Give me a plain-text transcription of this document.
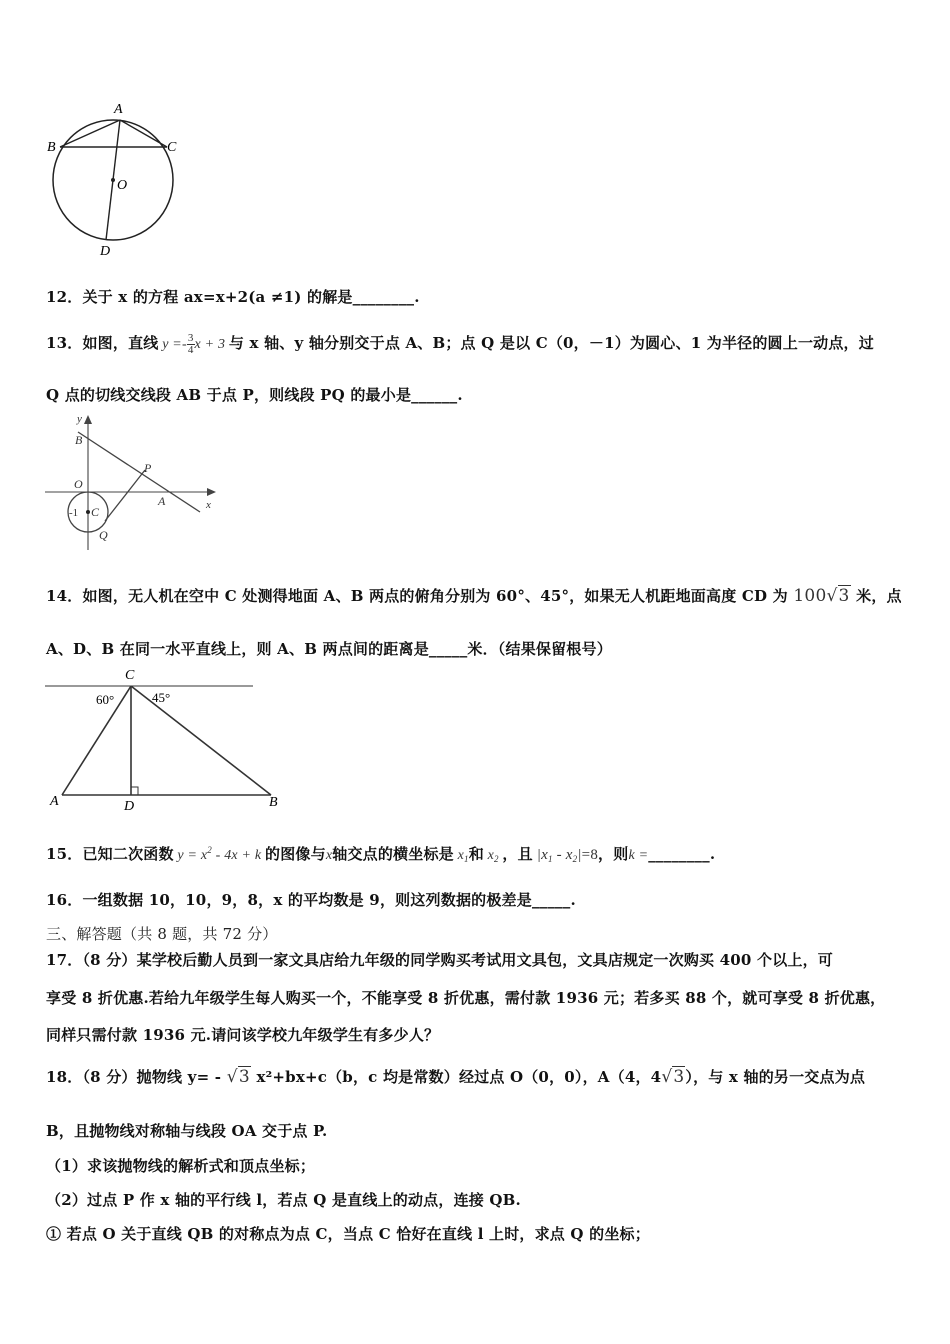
A
B	C
O
D
12．关于 x 的方程 ax=x+2(a ≠1) 的解是________.
13．如图，直线 $y =- \frac{3}{4}$ x + 3 与 x 轴、y 轴分别交于点 A、B；点 Q 是以 C（0，－1）为圆心、1 为半径的圆上一动点，过
Q 点的切线交线段 AB 于点 P，则线段 PQ 的最小是______.
y
B
P
O
A	x
-1 C
Q
14．如图，无人机在空中 C 处测得地面 A、B 两点的俯角分别为 60°、45°，如果无人机距地面高度 CD 为 100√3 米，点
A、D、B 在同一水平直线上，则 A、B 两点间的距离是_____米．（结果保留根号）
C
60°	45°
A	D	B
15．已知二次函数 $y = x^2 - 4x + k$ 的图像与x轴交点的横坐标是 $x_1$和 $x_2$ ，且 $|x_1 - x_2|=8$，则k =________.
16．一组数据 10，10，9，8，x 的平均数是 9，则这列数据的极差是_____.
三、解答题（共 8 题，共 72 分）
17．（8 分）某学校后勤人员到一家文具店给九年级的同学购买考试用文具包，文具店规定一次购买 400 个以上，可
享受 8 折优惠.若给九年级学生每人购买一个，不能享受 8 折优惠，需付款 1936 元；若多买 88 个，就可享受 8 折优惠，
同样只需付款 1936 元.请问该学校九年级学生有多少人？
18．（8 分）抛物线 y= - √3 x²+bx+c（b，c 均是常数）经过点 O（0，0），A（4，4√3），与 x 轴的另一交点为点
B，且抛物线对称轴与线段 OA 交于点 P.
（1）求该抛物线的解析式和顶点坐标；
（2）过点 P 作 x 轴的平行线 l，若点 Q 是直线上的动点，连接 QB.
① 若点 O 关于直线 QB 的对称点为点 C，当点 C 恰好在直线 l 上时，求点 Q 的坐标；
